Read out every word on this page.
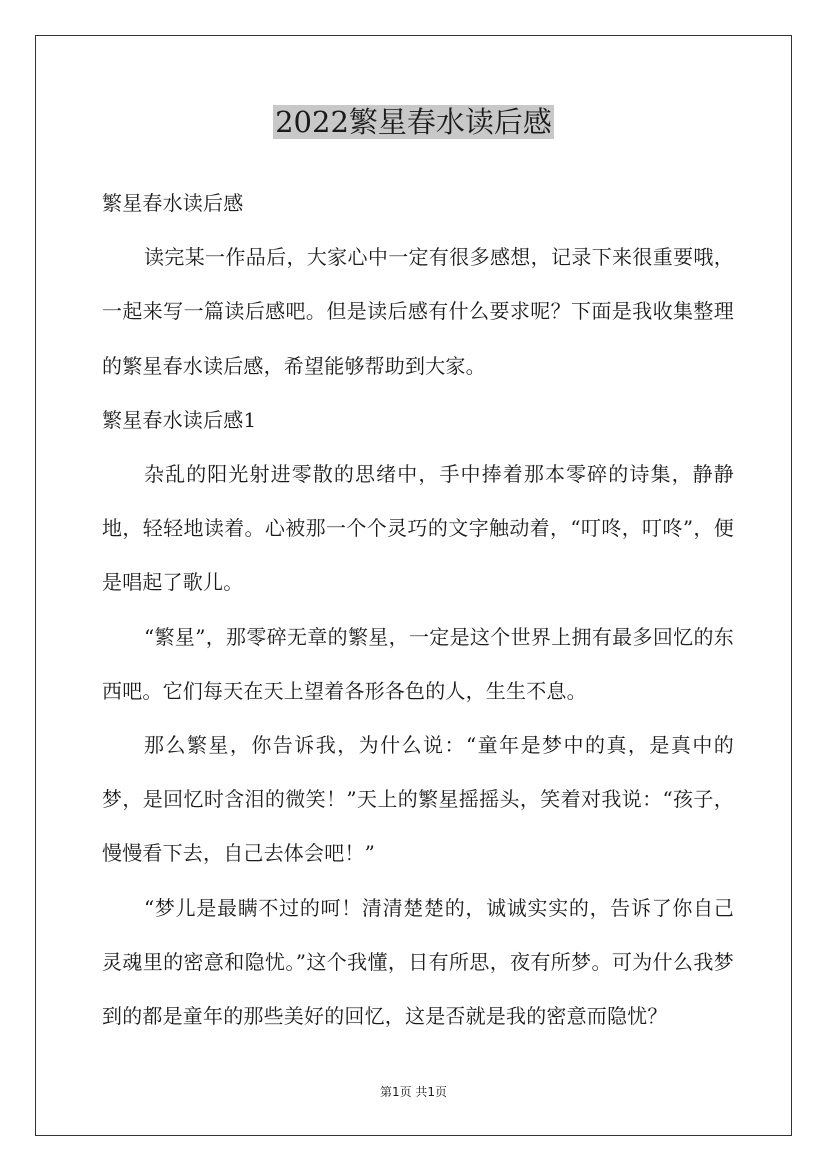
2022繁星春水读后感

繁星春水读后感

读完某一作品后，大家心中一定有很多感想，记录下来很重要哦，一起来写一篇读后感吧。但是读后感有什么要求呢？下面是我收集整理的繁星春水读后感，希望能够帮助到大家。

繁星春水读后感1

杂乱的阳光射进零散的思绪中，手中捧着那本零碎的诗集，静静地，轻轻地读着。心被那一个个灵巧的文字触动着，“叮咚，叮咚”，便是唱起了歌儿。

“繁星”，那零碎无章的繁星，一定是这个世界上拥有最多回忆的东西吧。它们每天在天上望着各形各色的人，生生不息。

那么繁星，你告诉我，为什么说：“童年是梦中的真，是真中的梦，是回忆时含泪的微笑！”天上的繁星摇摇头，笑着对我说：“孩子，慢慢看下去，自己去体会吧！”

“梦儿是最瞒不过的呵！清清楚楚的，诚诚实实的，告诉了你自己灵魂里的密意和隐忧。”这个我懂，日有所思，夜有所梦。可为什么我梦到的都是童年的那些美好的回忆，这是否就是我的密意而隐忧？

第1页 共1页
